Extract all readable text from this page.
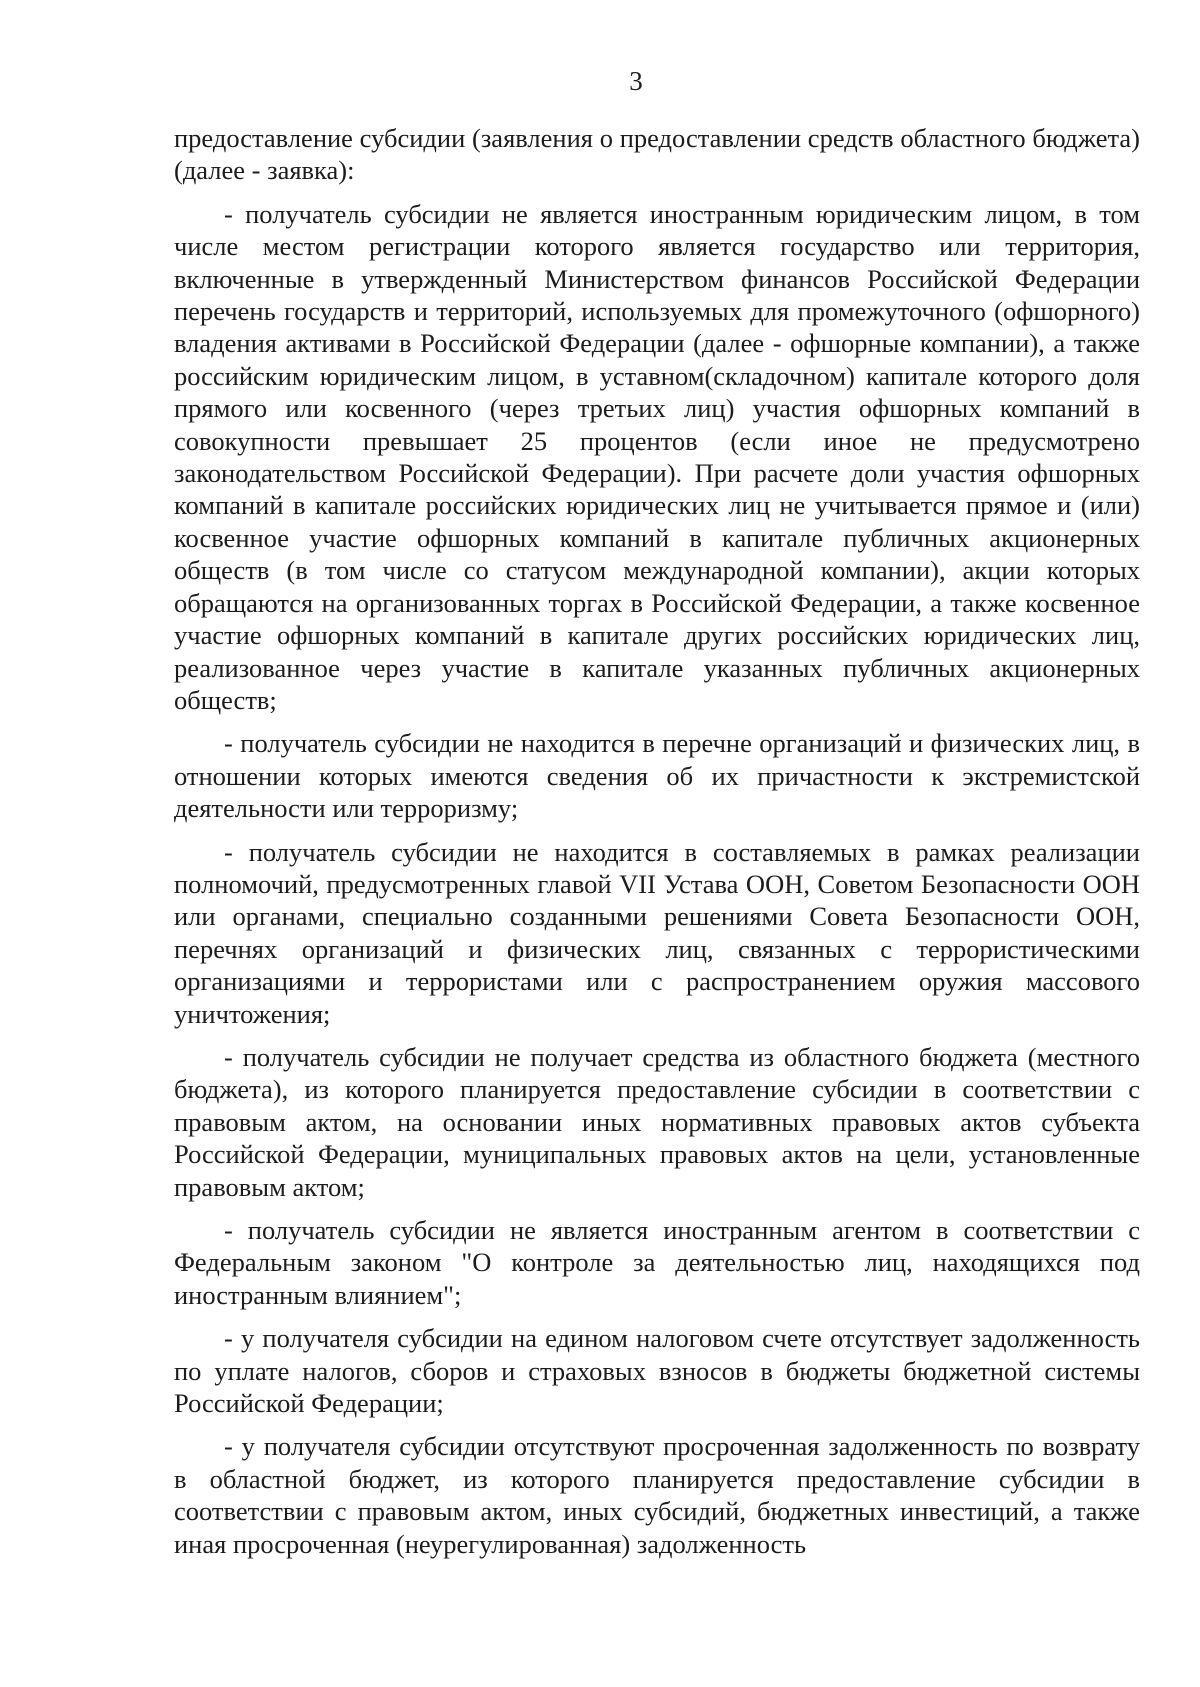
3

предоставление субсидии (заявления о предоставлении средств областного бюджета) (далее - заявка):

- получатель субсидии не является иностранным юридическим лицом, в том числе местом регистрации которого является государство или территория, включенные в утвержденный Министерством финансов Российской Федерации перечень государств и территорий, используемых для промежуточного (офшорного) владения активами в Российской Федерации (далее - офшорные компании), а также российским юридическим лицом, в уставном(складочном) капитале которого доля прямого или косвенного (через третьих лиц) участия офшорных компаний в совокупности превышает 25 процентов (если иное не предусмотрено законодательством Российской Федерации). При расчете доли участия офшорных компаний в капитале российских юридических лиц не учитывается прямое и (или) косвенное участие офшорных компаний в капитале публичных акционерных обществ (в том числе со статусом международной компании), акции которых обращаются на организованных торгах в Российской Федерации, а также косвенное участие офшорных компаний в капитале других российских юридических лиц, реализованное через участие в капитале указанных публичных акционерных обществ;

- получатель субсидии не находится в перечне организаций и физических лиц, в отношении которых имеются сведения об их причастности к экстремистской деятельности или терроризму;

- получатель субсидии не находится в составляемых в рамках реализации полномочий, предусмотренных главой VII Устава ООН, Советом Безопасности ООН или органами, специально созданными решениями Совета Безопасности ООН, перечнях организаций и физических лиц, связанных с террористическими организациями и террористами или с распространением оружия массового уничтожения;

- получатель субсидии не получает средства из областного бюджета (местного бюджета), из которого планируется предоставление субсидии в соответствии с правовым актом, на основании иных нормативных правовых актов субъекта Российской Федерации, муниципальных правовых актов на цели, установленные правовым актом;

- получатель субсидии не является иностранным агентом в соответствии с Федеральным законом "О контроле за деятельностью лиц, находящихся под иностранным влиянием";

- у получателя субсидии на едином налоговом счете отсутствует задолженность по уплате налогов, сборов и страховых взносов в бюджеты бюджетной системы Российской Федерации;

- у получателя субсидии отсутствуют просроченная задолженность по возврату в областной бюджет, из которого планируется предоставление субсидии в соответствии с правовым актом, иных субсидий, бюджетных инвестиций, а также иная просроченная (неурегулированная) задолженность
